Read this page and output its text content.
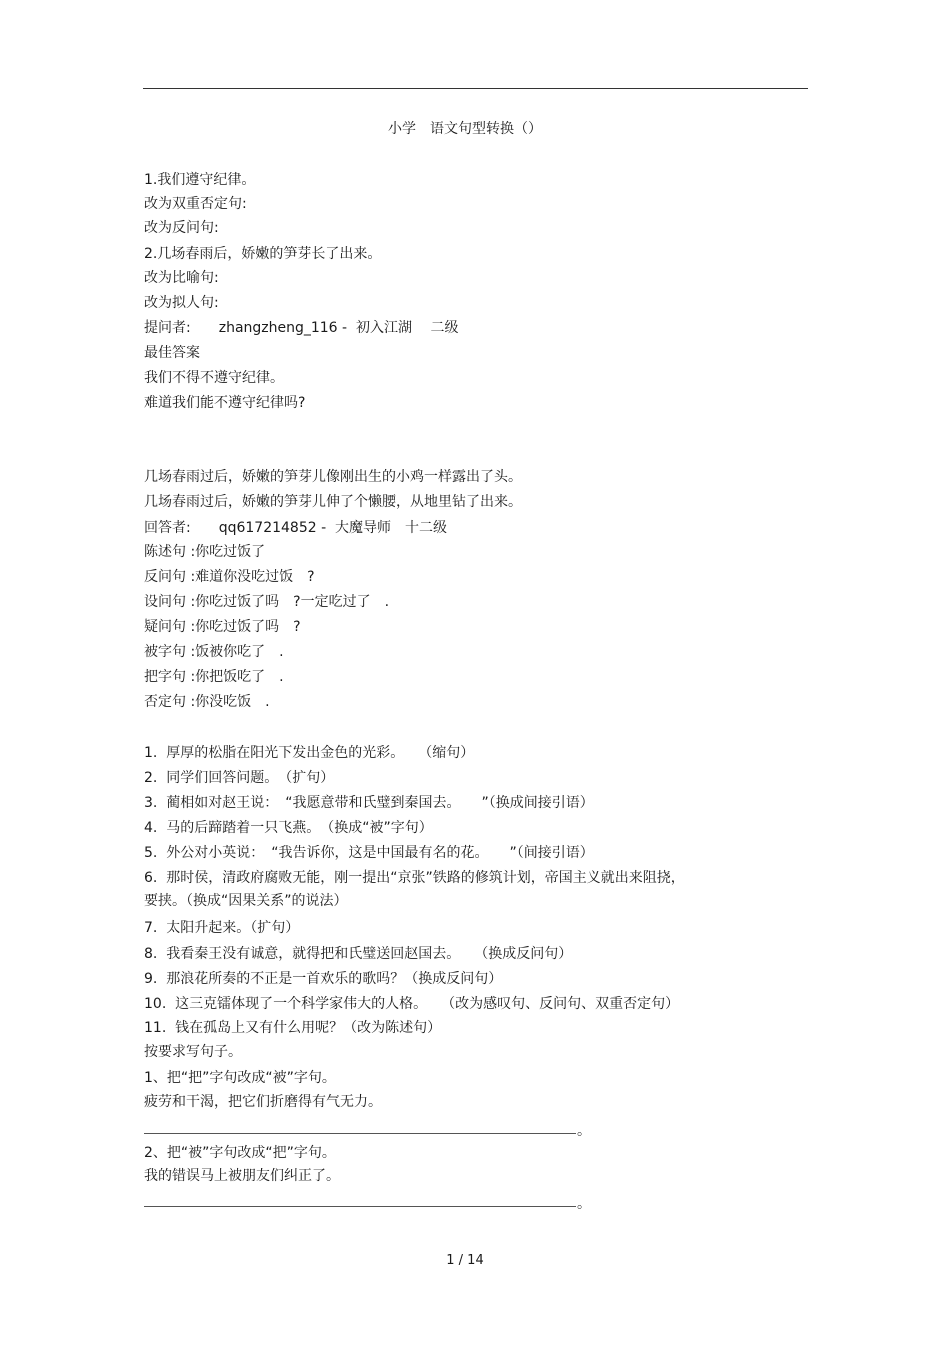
小学　语文句型转换（）
1.我们遵守纪律。
改为双重否定句:
改为反问句:
2.几场春雨后，娇嫩的笋芽长了出来。
改为比喻句:
改为拟人句:
提问者:　　zhangzheng_116 -  初入江湖　 二级
最佳答案
我们不得不遵守纪律。
难道我们能不遵守纪律吗?
几场春雨过后，娇嫩的笋芽儿像刚出生的小鸡一样露出了头。
几场春雨过后，娇嫩的笋芽儿伸了个懒腰，从地里钻了出来。
回答者:　　qq617214852 -  大魔导师　十二级
陈述句 :你吃过饭了
反问句 :难道你没吃过饭　?
设问句 :你吃过饭了吗　?一定吃过了　.
疑问句 :你吃过饭了吗　?
被字句 :饭被你吃了　.
把字句 :你把饭吃了　.
否定句 :你没吃饭　.
1.  厚厚的松脂在阳光下发出金色的光彩。　　（缩句）
2.  同学们回答问题。　（扩句）
3.  蔺相如对赵王说：　“我愿意带和氏璧到秦国去。　　”（换成间接引语）
4.  马的后蹄踏着一只飞燕。　（换成“被”字句）
5.  外公对小英说：　“我告诉你，这是中国最有名的花。　　”（间接引语）
6.  那时侯，清政府腐败无能，刚一提出“京张”铁路的修筑计划，帝国主义就出来阻挠，
要挟。（换成“因果关系”的说法）
7.  太阳升起来。（扩句）
8.  我看秦王没有诚意，就得把和氏璧送回赵国去。　　（换成反问句）
9.  那浪花所奏的不正是一首欢乐的歌吗？（换成反问句）
10.  这三克镭体现了一个科学家伟大的人格。　　（改为感叹句、反问句、双重否定句）
11.  钱在孤岛上又有什么用呢？（改为陈述句）
按要求写句子。
1、把“把”字句改成“被”字句。
疲劳和干渴，把它们折磨得有气无力。
。
2、把“被”字句改成“把”字句。
我的错误马上被朋友们纠正了。
。
1 / 14
